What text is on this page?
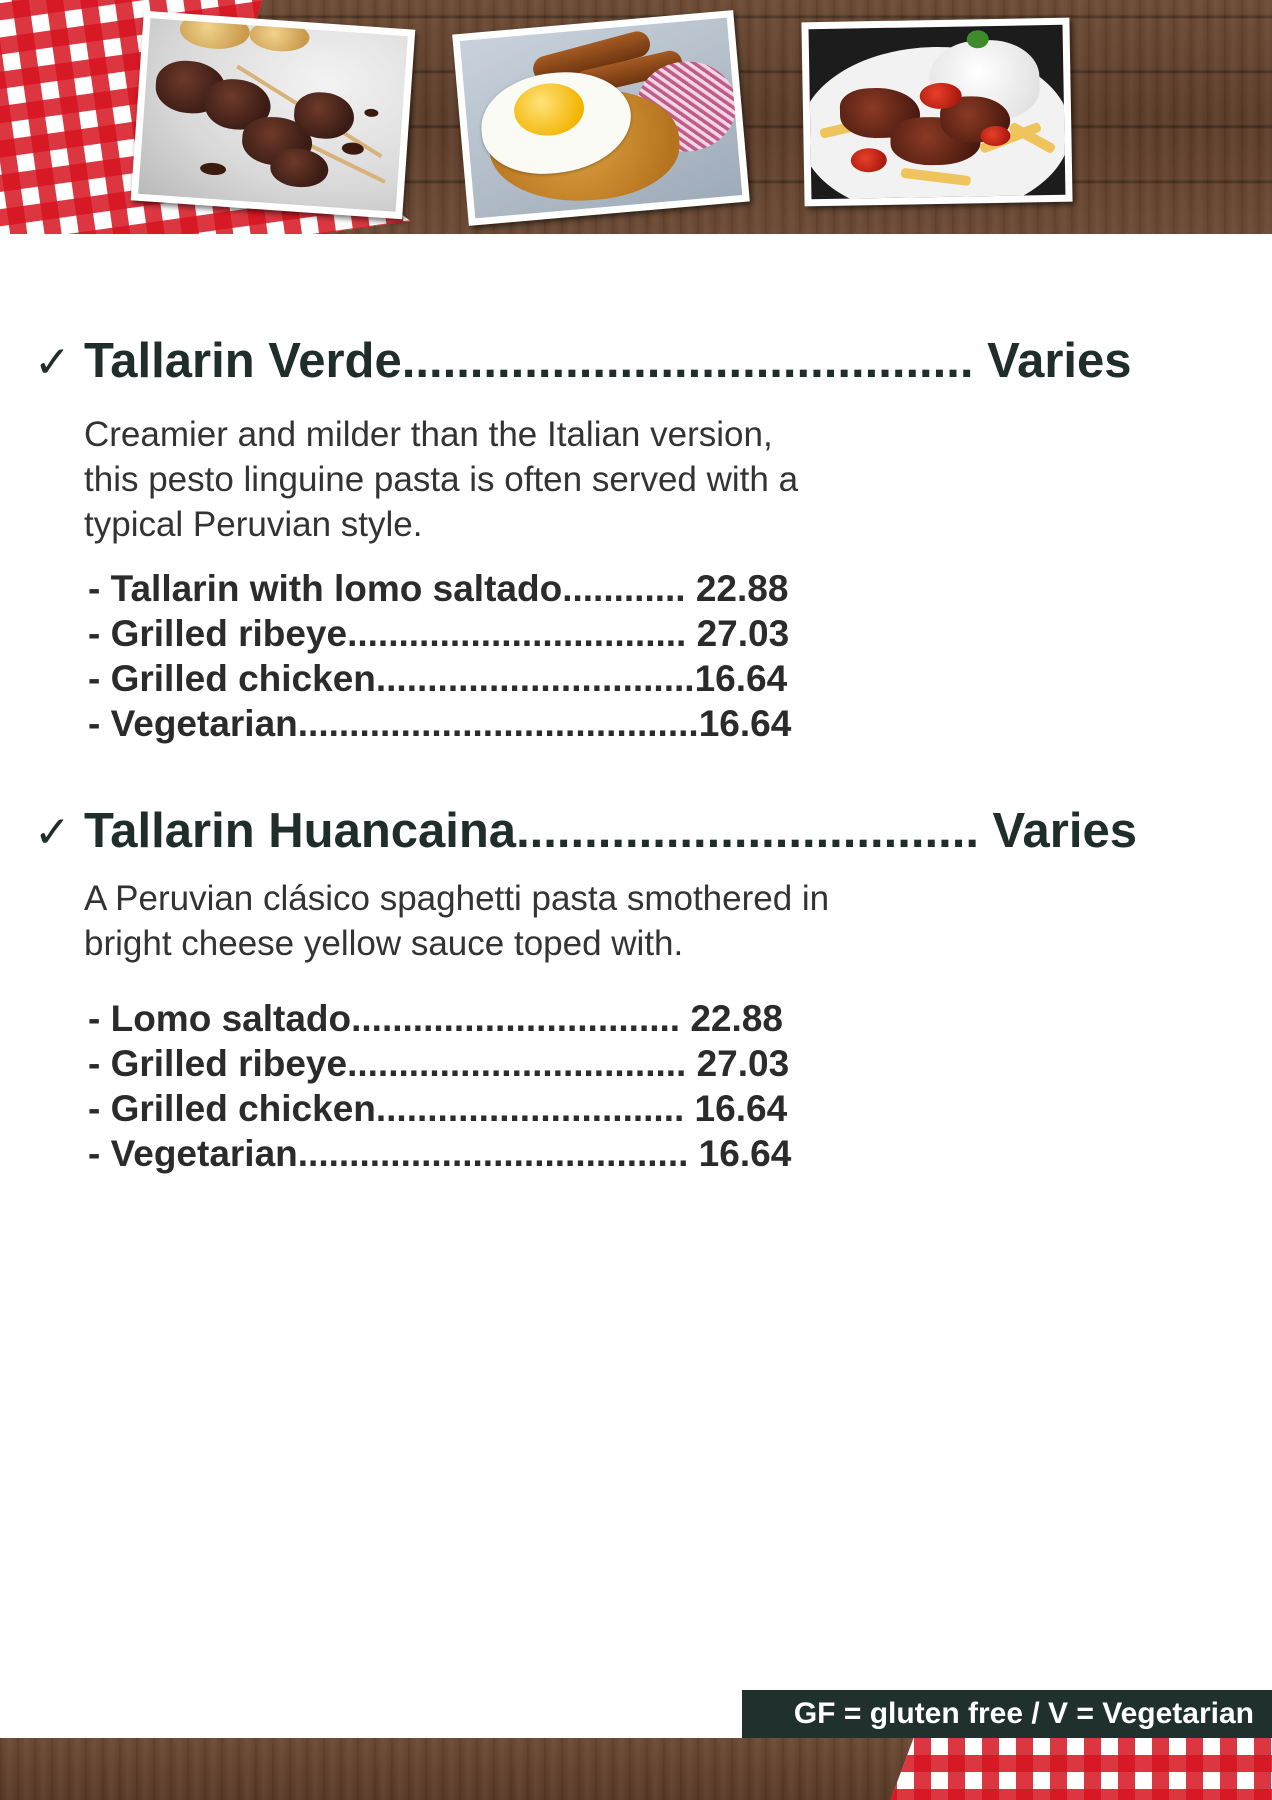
✓ Tallarin Verde.......................................... Varies
Creamier and milder than the Italian version,
this pesto linguine pasta is often served with a
typical Peruvian style.
- Tallarin with lomo saltado............ 22.88
- Grilled ribeye................................. 27.03
- Grilled chicken...............................16.64
- Vegetarian.......................................16.64
✓ Tallarin Huancaina.................................. Varies
A Peruvian clásico spaghetti pasta smothered in
bright cheese yellow sauce toped with.
- Lomo saltado................................ 22.88
- Grilled ribeye................................. 27.03
- Grilled chicken.............................. 16.64
- Vegetarian...................................... 16.64
GF = gluten free / V = Vegetarian
